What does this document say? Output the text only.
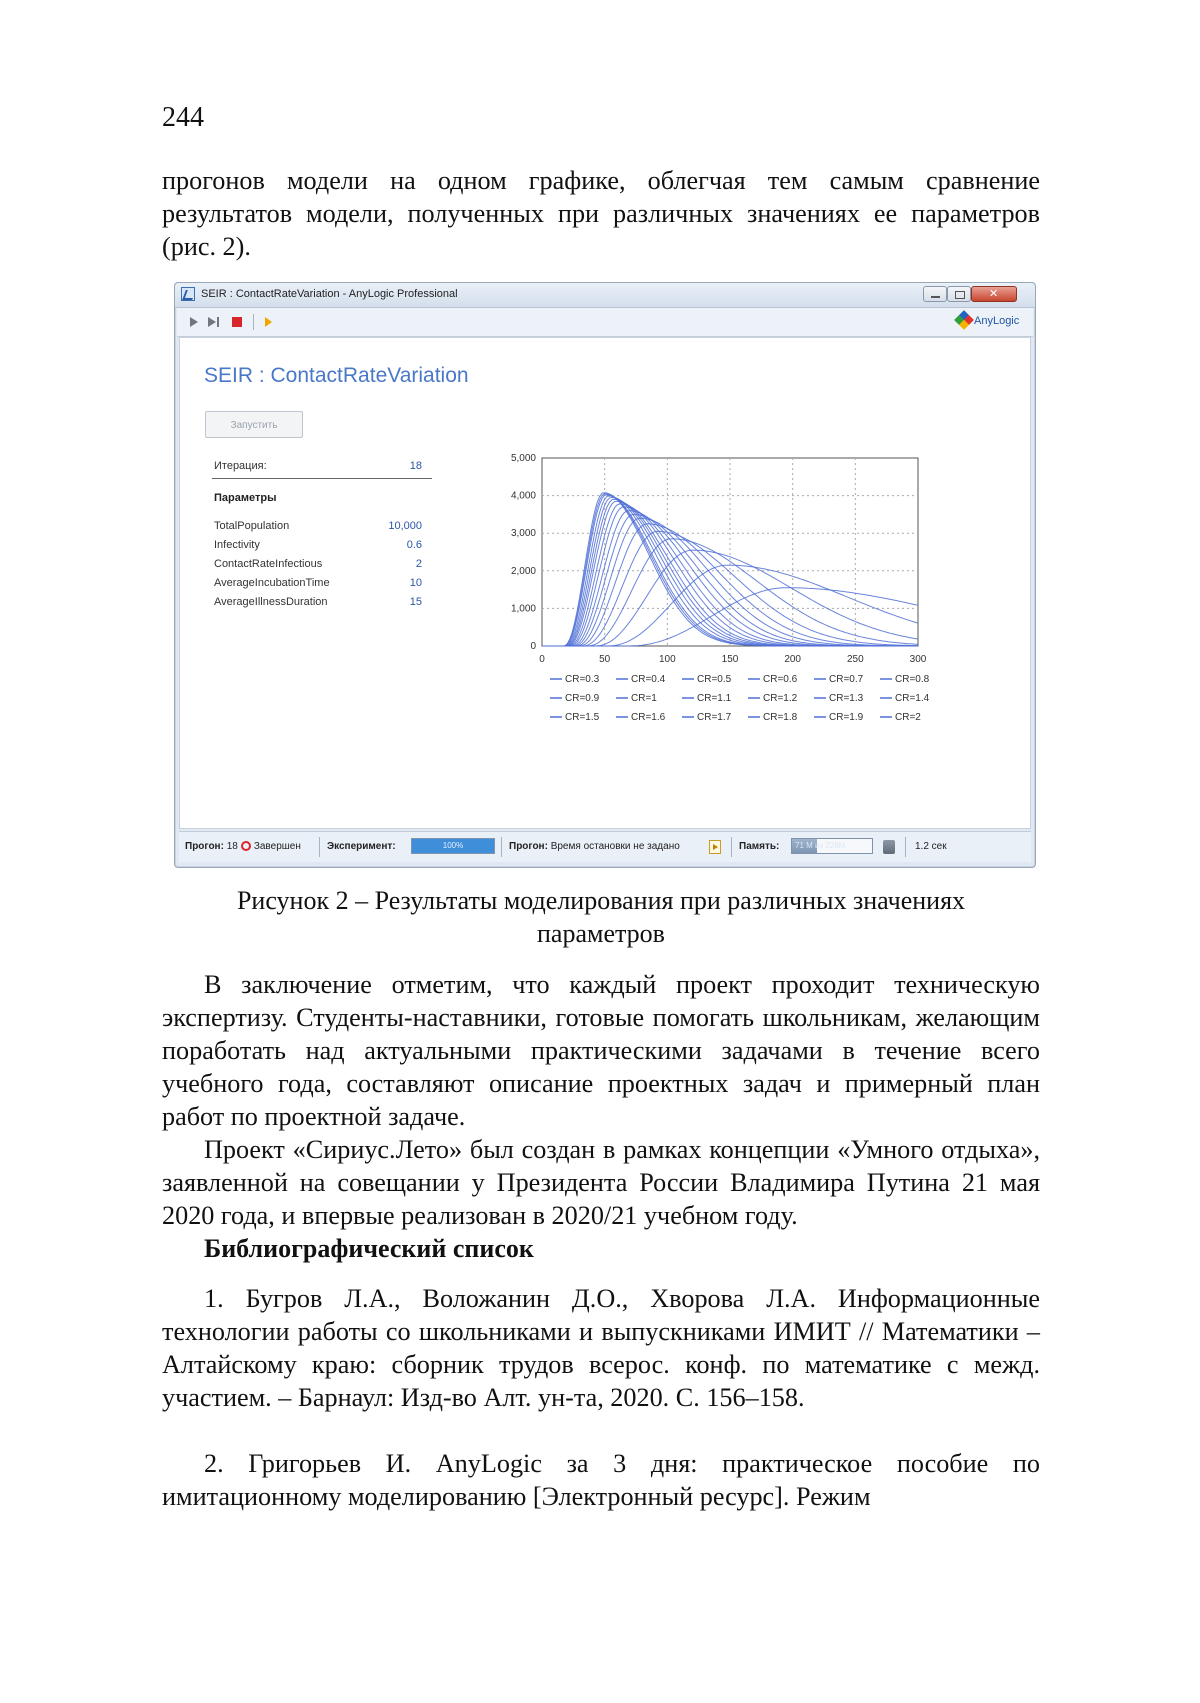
244

прогонов модели на одном графике, облегчая тем самым сравнение результатов модели, полученных при различных значениях ее параметров (рис. 2).

SEIR : ContactRateVariation - AnyLogic Professional
✕
AnyLogic
SEIR : ContactRateVariation
Запустить
Итерация:	18
Параметры
TotalPopulation	10,000
Infectivity	0.6
ContactRateInfectious	2
AverageIncubationTime	10
AverageIllnessDuration	15
0	50	100	150	200	250	300
0
1,000
2,000
3,000
4,000
5,000
CR=0.3	CR=0.4	CR=0.5	CR=0.6	CR=0.7	CR=0.8
CR=0.9	CR=1	CR=1.1	CR=1.2	CR=1.3	CR=1.4
CR=1.5	CR=1.6	CR=1.7	CR=1.8	CR=1.9	CR=2
Прогон: 18 Завершен	Эксперимент:	100%	Прогон: Время остановки не задано	Память: 71 М из 228М	1.2 сек
Рисунок 2 – Результаты моделирования при различных значениях
параметров

В заключение отметим, что каждый проект проходит техническую экспертизу. Студенты-наставники, готовые помогать школьникам, желающим поработать над актуальными практическими задачами в течение всего учебного года, составляют описание проектных задач и примерный план работ по проектной задаче.

Проект «Сириус.Лето» был создан в рамках концепции «Умного отдыха», заявленной на совещании у Президента России Владимира Путина 21 мая 2020 года, и впервые реализован в 2020/21 учебном году.

Библиографический список

1. Бугров Л.А., Воложанин Д.О., Хворова Л.А. Информационные технологии работы со школьниками и выпускниками ИМИТ // Математики – Алтайскому краю: сборник трудов всерос. конф. по математике с межд. участием. – Барнаул: Изд-во Алт. ун-та, 2020. С. 156–158.

2. Григорьев И. AnyLogic за 3 дня: практическое пособие по имитационному моделированию [Электронный ресурс]. Режим
